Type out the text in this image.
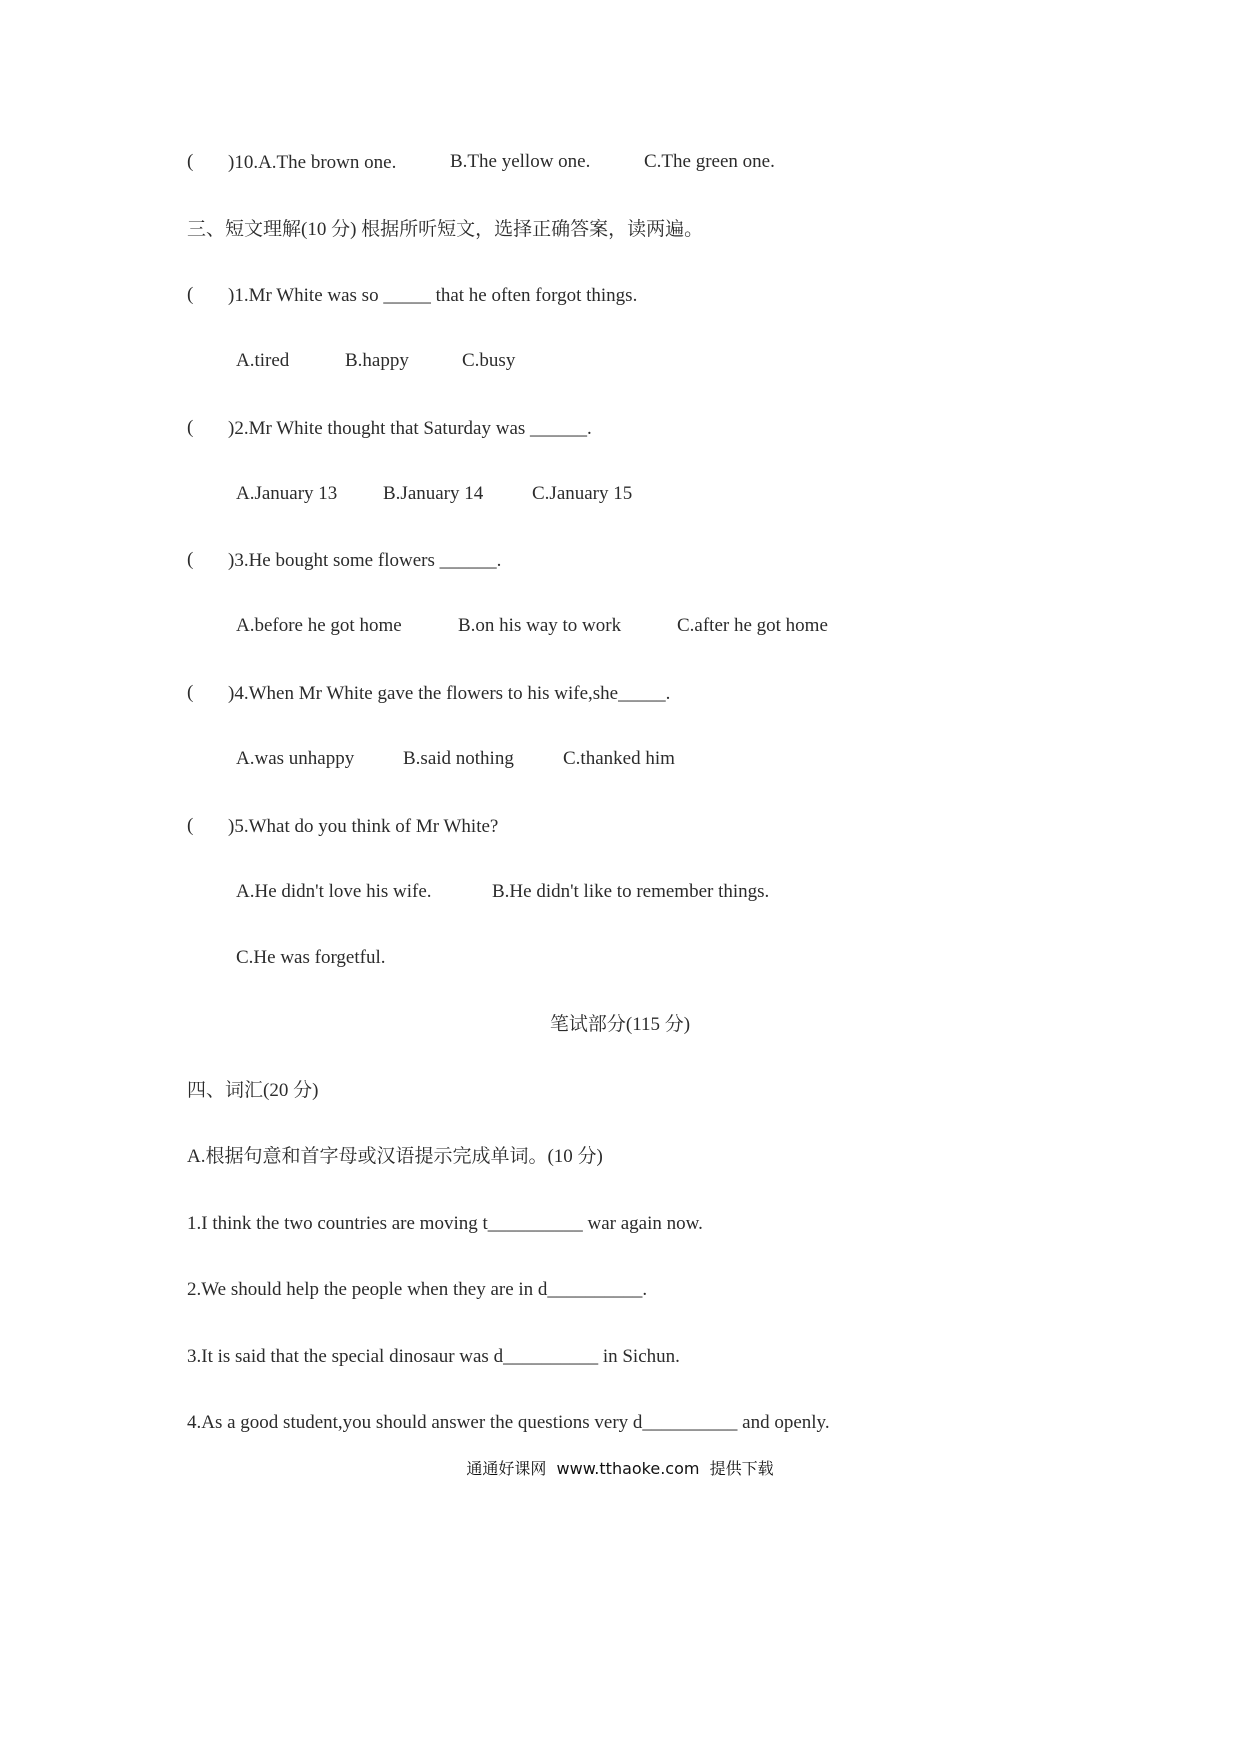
( )10.A.The brown one.	B.The yellow one.	C.The green one.
三、短文理解(10 分) 根据所听短文，选择正确答案，读两遍。
( )1.Mr White was so _____ that he often forgot things.
A.tired	B.happy	C.busy
( )2.Mr White thought that Saturday was ______.
A.January 13 B.January 14	C.January 15
( )3.He bought some flowers ______.
A.before he got home	B.on his way to work	C.after he got home
( )4.When Mr White gave the flowers to his wife,she_____.
A.was unhappy	B.said nothing	C.thanked him
( )5.What do you think of Mr White?
A.He didn't love his wife.	B.He didn't like to remember things.
C.He was forgetful.
笔试部分(115 分)
四、词汇(20 分)
A.根据句意和首字母或汉语提示完成单词。(10 分)
1.I think the two countries are moving t__________ war again now.
2.We should help the people when they are in d__________.
3.It is said that the special dinosaur was d__________ in Sichun.
4.As a good student,you should answer the questions very d__________ and openly.
通通好课网  www.tthaoke.com  提供下载
